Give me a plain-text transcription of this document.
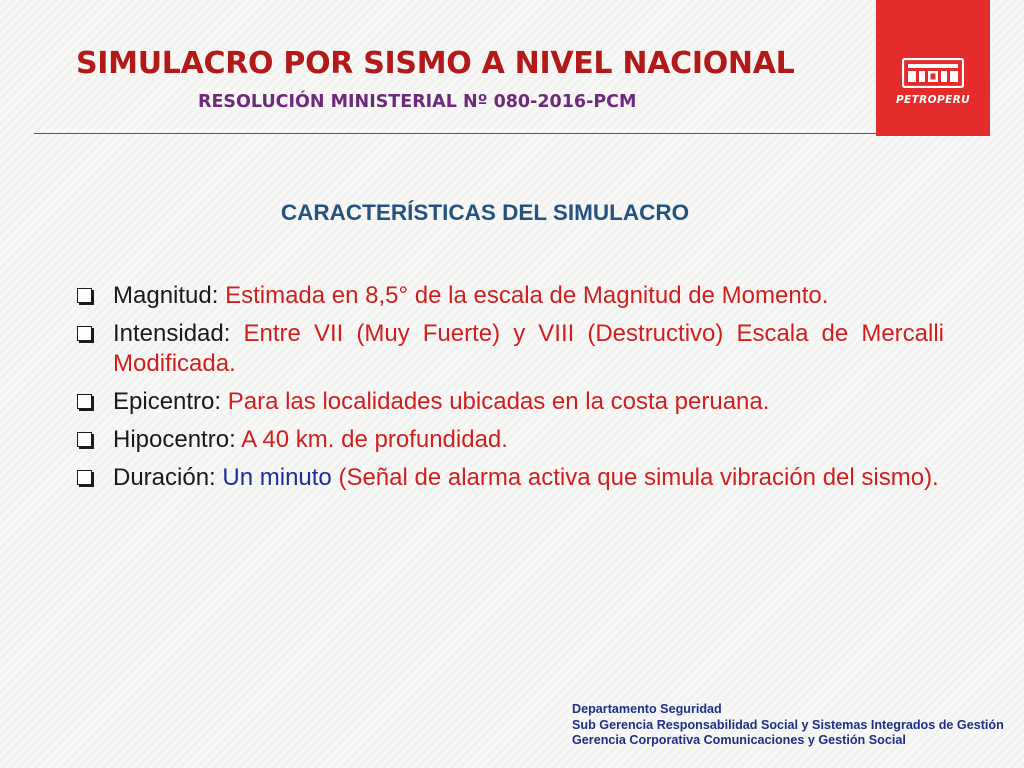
SIMULACRO POR SISMO A NIVEL NACIONAL
RESOLUCIÓN MINISTERIAL Nº 080-2016-PCM	PETROPERU
CARACTERÍSTICAS DEL SIMULACRO
Magnitud: Estimada en 8,5° de la escala de Magnitud de Momento.
Intensidad: Entre VII (Muy Fuerte) y VIII (Destructivo) Escala de Mercalli Modificada.
Epicentro: Para las localidades ubicadas en la costa peruana.
Hipocentro: A 40 km. de profundidad.
Duración: Un minuto (Señal de alarma activa que simula vibración del sismo).
Departamento Seguridad
Sub Gerencia Responsabilidad Social y Sistemas Integrados de Gestión
Gerencia Corporativa Comunicaciones y Gestión Social
